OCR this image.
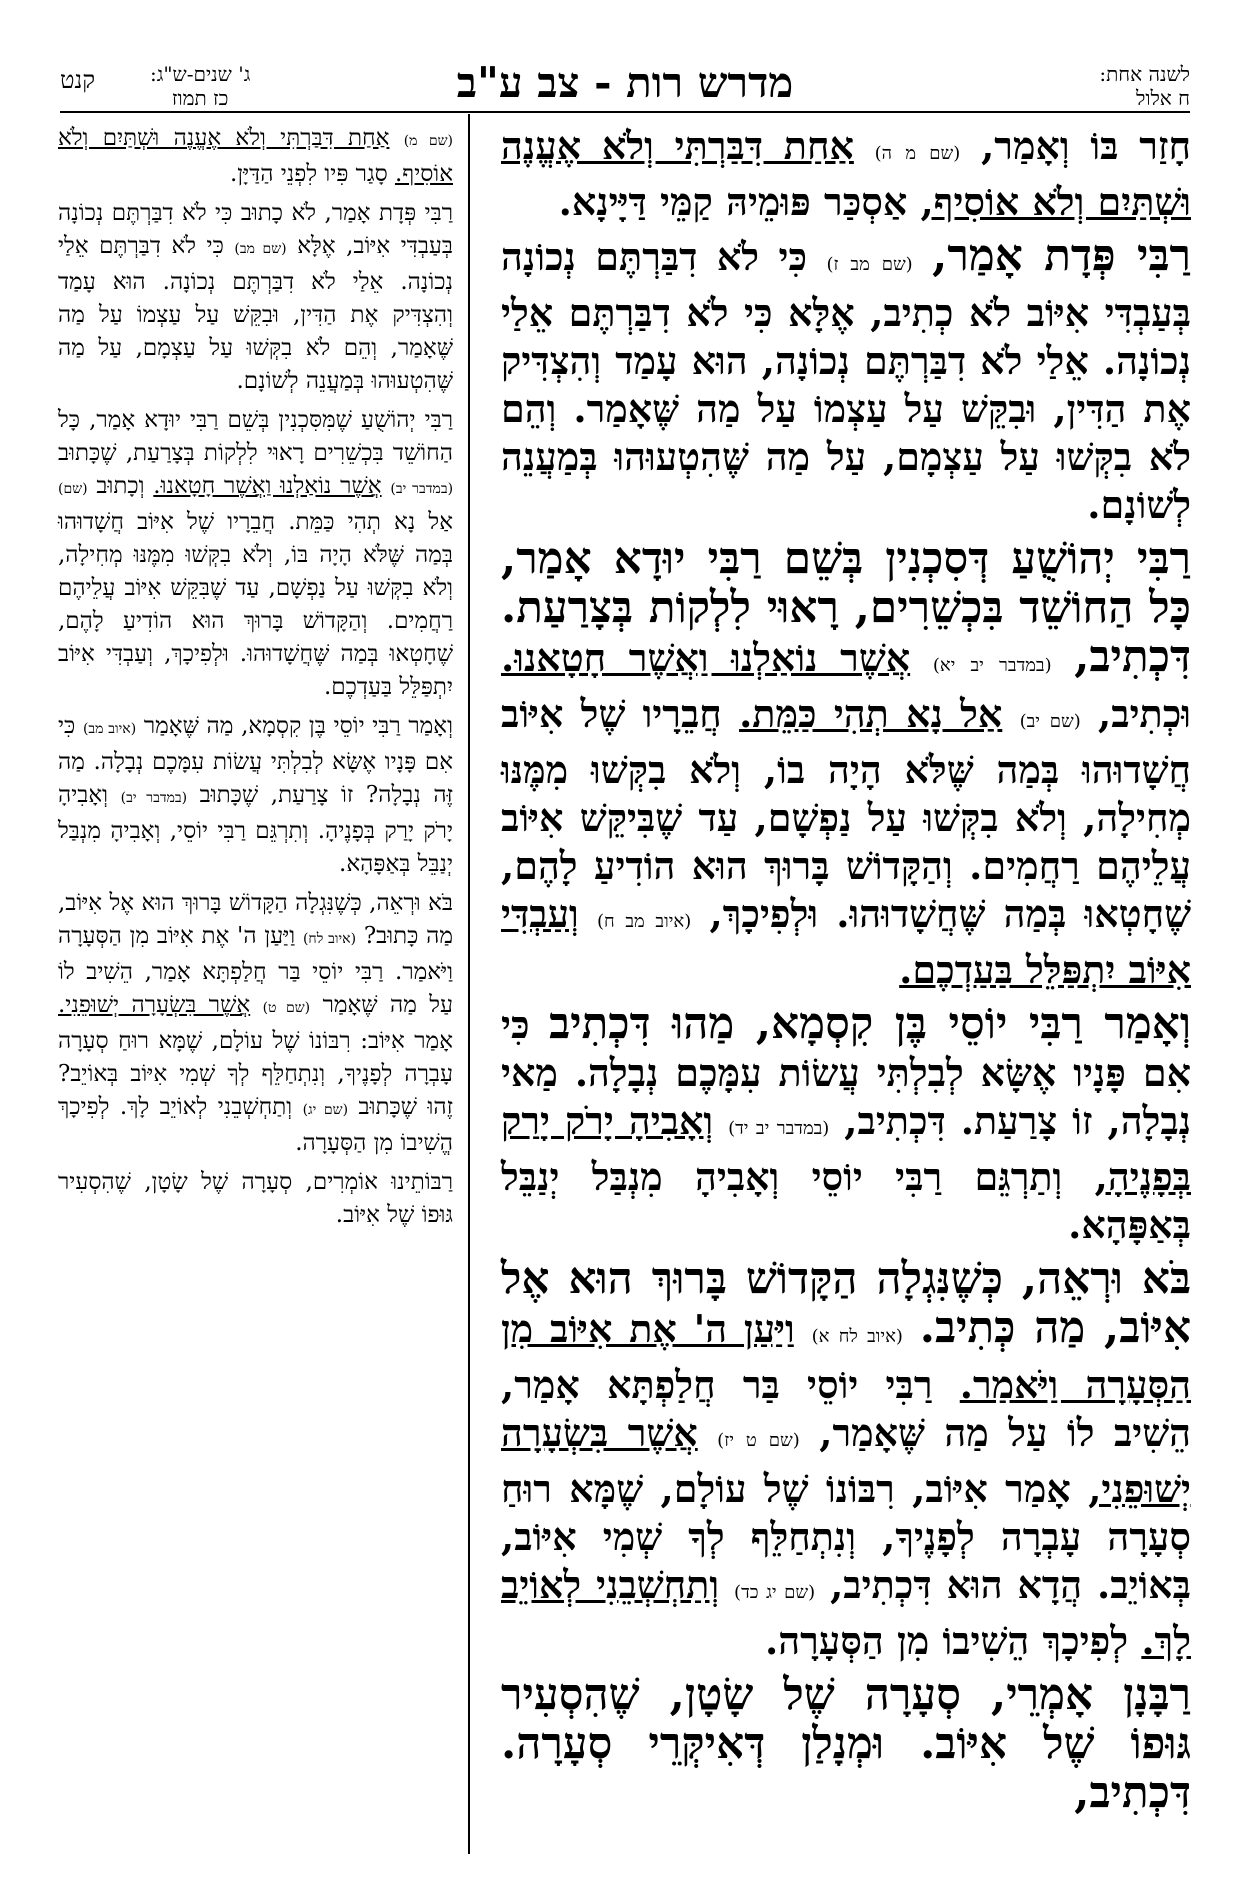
מדרש רות - צב ע"ב	לשנה אחת:
ח אלול
ג' שנים-ש"ג:
כז תמוז
קנט

חָזַר בּוֹ וְאָמַר, (שם מ ה) אַחַת דִּבַּרְתִּי וְלֹא אֶעֱנֶה וּשְׁתַּיִם וְלֹא אוֹסִיף, אַסְכַּר פּוּמֵיהּ קַמֵּי דַּיָּינָא.

רַבִּי פְּדָת אָמַר, (שם מב ז) כִּי לֹא דִבַּרְתֶּם נְכוֹנָה בְּעַבְדִּי אִיּוֹב לֹא כְתִיב, אֶלָּא כִּי לֹא דִבַּרְתֶּם אֵלַי נְכוֹנָה. אֵלַי לֹא דִבַּרְתֶּם נְכוֹנָה, הוּא עָמַד וְהִצְדִּיק אֶת הַדִּין, וּבִקֵּשׁ עַל עַצְמוֹ עַל מַה שֶּׁאָמַר. וְהֵם לֹא בִקְּשׁוּ עַל עַצְמָם, עַל מַה שֶּׁהִטְעוּהוּ בְּמַעֲנֵה לְשׁוֹנָם.

רַבִּי יְהוֹשֻׁעַ דְּסִכְנִין בְּשֵׁם רַבִּי יוּדָא אָמַר, כָּל הַחוֹשֵׁד בִּכְשֵׁרִים, רָאוּי לִלְקוֹת בְּצָרַעַת. דִּכְתִיב, (במדבר יב יא) אֲשֶׁר נוֹאַלְנוּ וַאֲשֶׁר חָטָאנוּ. וּכְתִיב, (שם יב) אַל נָא תְהִי כַּמֵּת. חֲבֵרָיו שֶׁל אִיּוֹב חֲשָׁדוּהוּ בְּמַה שֶּׁלֹּא הָיָה בוֹ, וְלֹא בִקְּשׁוּ מִמֶּנּוּ מְחִילָה, וְלֹא בִקְּשׁוּ עַל נַפְשָׁם, עַד שֶׁבִּיקֵּשׁ אִיּוֹב עֲלֵיהֶם רַחֲמִים. וְהַקָּדוֹשׁ בָּרוּךְ הוּא הוֹדִיעַ לָהֶם, שֶׁחָטְאוּ בְּמַה שֶּׁחֲשָׁדוּהוּ. וּלְפִיכָךְ, (איוב מב ח) וְעַבְדִּי אִיּוֹב יִתְפַּלֵּל בַּעַדְכֶם.

וְאָמַר רַבִּי יוֹסֵי בֶּן קִסְמָא, מַהוּ דִּכְתִיב כִּי אִם פָּנָיו אֶשָּׂא לְבִלְתִּי עֲשׂוֹת עִמָּכֶם נְבָלָה. מַאי נְבָלָה, זוֹ צָרַעַת. דִּכְתִיב, (במדבר יב יד) וְאָבִיהָ יָרֹק יָרַק בְּפָנֶיהָ, וְתַרְגֵּם רַבִּי יוֹסֵי וְאָבִיהָ מִנְבַּל יְנַבֵּל בְּאַפָּהָא.

בֹּא וּרְאֵה, כְּשֶׁנִּגְלָה הַקָּדוֹשׁ בָּרוּךְ הוּא אֶל אִיּוֹב, מַה כְּתִיב. (איוב לח א) וַיַּעַן ה' אֶת אִיּוֹב מִן הַסְּעָרָה וַיֹּאמַר. רַבִּי יוֹסֵי בַּר חֲלַפְתָּא אָמַר, הֵשִׁיב לוֹ עַל מַה שֶּׁאָמַר, (שם ט יז) אֲשֶׁר בִּשְׂעָרָה יְשׁוּפֵנִי, אָמַר אִיּוֹב, רִבּוֹנוֹ שֶׁל עוֹלָם, שֶׁמָּא רוּחַ סְעָרָה עָבְרָה לְפָנֶיךָ, וְנִתְחַלֵּף לְךָ שְׁמִי אִיּוֹב, בְּאוֹיֵב. הֲדָא הוּא דִּכְתִיב, (שם יג כד) וְתַחְשְׁבֵנִי לְאוֹיֵב לָךְ. לְפִיכָךְ הֵשִׁיבוֹ מִן הַסְּעָרָה.

רַבָּנָן אָמְרֵי, סְעָרָה שֶׁל שָׂטָן, שֶׁהִסְעִיר גּוּפוֹ שֶׁל אִיּוֹב. וּמְנָלַן דְּאִיקְּרֵי סְעָרָה. דִּכְתִיב,

(שם מ) אַחַת דִּבַּרְתִּי וְלֹא אֶעֱנֶה וּשְׁתַּיִם וְלֹא אוֹסִיף. סָגַר פִּיו לִפְנֵי הַדַּיָּן.

רַבִּי פְּדָת אָמַר, לֹא כָתוּב כִּי לֹא דִבַּרְתֶּם נְכוֹנָה בְּעַבְדִּי אִיּוֹב, אֶלָּא (שם מב) כִּי לֹא דִבַּרְתֶּם אֵלַי נְכוֹנָה. אֵלַי לֹא דִבַּרְתֶּם נְכוֹנָה. הוּא עָמַד וְהִצְדִּיק אֶת הַדִּין, וּבִקֵּשׁ עַל עַצְמוֹ עַל מַה שֶּׁאָמַר, וְהֵם לֹא בִקְּשׁוּ עַל עַצְמָם, עַל מַה שֶּׁהִטְעוּהוּ בְּמַעֲנֵה לְשׁוֹנָם.

רַבִּי יְהוֹשֻׁעַ שֶׁמִּסִּכְנִין בְּשֵׁם רַבִּי יוּדָא אָמַר, כָּל הַחוֹשֵׁד בִּכְשֵׁרִים רָאוּי לִלְקוֹת בְּצָרַעַת, שֶׁכָּתוּב (במדבר יב) אֲשֶׁר נוֹאַלְנוּ וַאֲשֶׁר חָטָאנוּ. וְכָתוּב (שם) אַל נָא תְהִי כַּמֵּת. חֲבֵרָיו שֶׁל אִיּוֹב חֲשָׁדוּהוּ בְּמַה שֶּׁלֹּא הָיָה בּוֹ, וְלֹא בִקְּשׁוּ מִמֶּנּוּ מְחִילָה, וְלֹא בִקְּשׁוּ עַל נַפְשָׁם, עַד שֶׁבִּקֵּשׁ אִיּוֹב עֲלֵיהֶם רַחֲמִים. וְהַקָּדוֹשׁ בָּרוּךְ הוּא הוֹדִיעַ לָהֶם, שֶׁחָטְאוּ בְּמַה שֶּׁחֲשָׁדוּהוּ. וּלְפִיכָךְ, וְעַבְדִּי אִיּוֹב יִתְפַּלֵּל בַּעַדְכֶם.

וְאָמַר רַבִּי יוֹסֵי בֶּן קִסְמָא, מַה שֶּׁאָמַר (איוב מב) כִּי אִם פָּנָיו אֶשָּׂא לְבִלְתִּי עֲשׂוֹת עִמָּכֶם נְבָלָה. מַה זֶּה נְבָלָה? זוֹ צָרַעַת, שֶׁכָּתוּב (במדבר יב) וְאָבִיהָ יָרֹק יָרַק בְּפָנֶיהָ. וְתִרְגֵּם רַבִּי יוֹסֵי, וְאָבִיהָ מִנְבַּל יְנַבֵּל בְּאַפָּהָא.

בֹּא וּרְאֵה, כְּשֶׁנִּגְלָה הַקָּדוֹשׁ בָּרוּךְ הוּא אֶל אִיּוֹב, מַה כָּתוּב? (איוב לח) וַיַּעַן ה' אֶת אִיּוֹב מִן הַסְּעָרָה וַיֹּאמַר. רַבִּי יוֹסֵי בַּר חֲלַפְתָּא אָמַר, הֵשִׁיב לוֹ עַל מַה שֶּׁאָמַר (שם ט) אֲשֶׁר בִּשְׂעָרָה יְשׁוּפֵנִי. אָמַר אִיּוֹב: רִבּוֹנוֹ שֶׁל עוֹלָם, שֶׁמָּא רוּחַ סְעָרָה עָבְרָה לְפָנֶיךָ, וְנִתְחַלֵּף לְךָ שְׁמִי אִיּוֹב בְּאוֹיֵב? זֶהוּ שֶׁכָּתוּב (שם יג) וְתַחְשְׁבֵנִי לְאוֹיֵב לָךְ. לְפִיכָךְ הֱשִׁיבוֹ מִן הַסְּעָרָה.

רַבּוֹתֵינוּ אוֹמְרִים, סְעָרָה שֶׁל שָׂטָן, שֶׁהִסְעִיר גּוּפוֹ שֶׁל אִיּוֹב.
